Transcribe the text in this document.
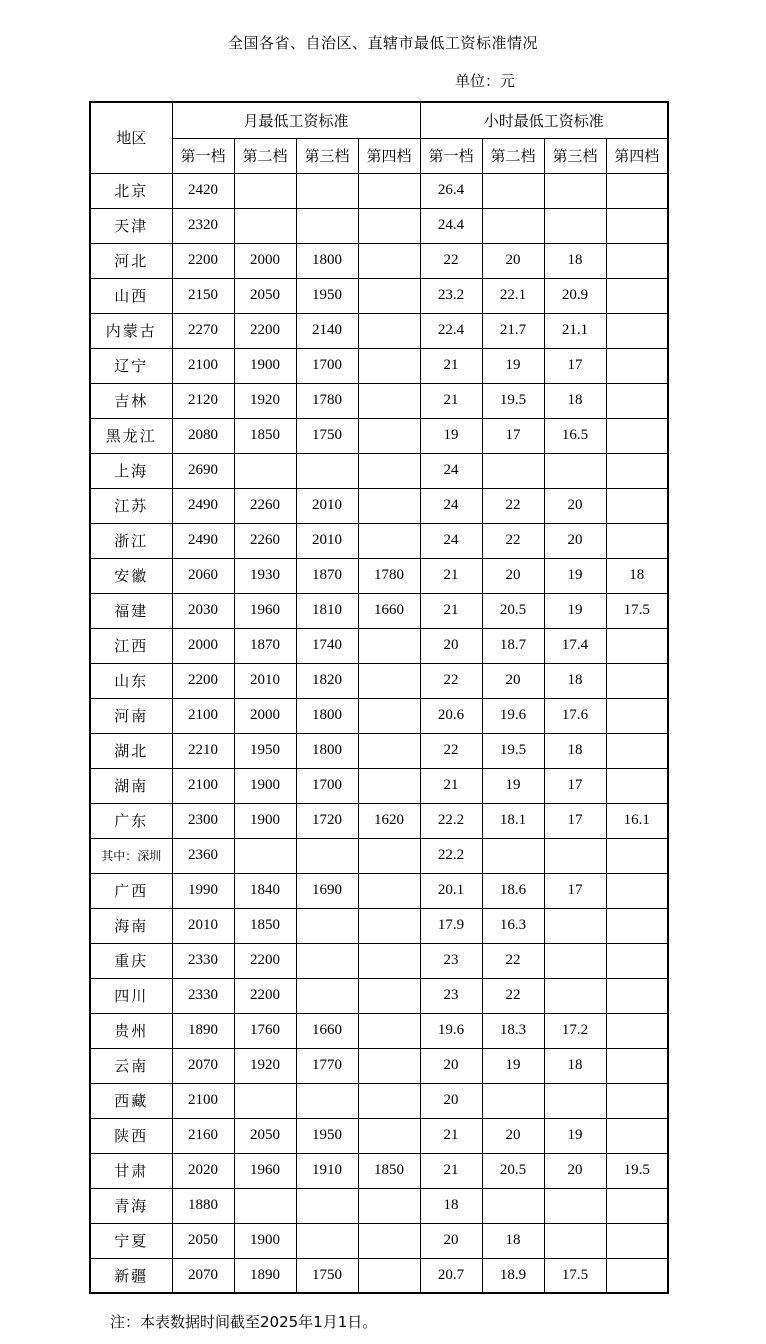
全国各省、自治区、直辖市最低工资标准情况
单位：元
地区	月最低工资标准				小时最低工资标准			
	第一档	第二档	第三档	第四档	第一档	第二档	第三档	第四档
北京	2420				26.4			
天津	2320				24.4			
河北	2200	2000	1800		22	20	18	
山西	2150	2050	1950		23.2	22.1	20.9	
内蒙古	2270	2200	2140		22.4	21.7	21.1	
辽宁	2100	1900	1700		21	19	17	
吉林	2120	1920	1780		21	19.5	18	
黑龙江	2080	1850	1750		19	17	16.5	
上海	2690				24			
江苏	2490	2260	2010		24	22	20	
浙江	2490	2260	2010		24	22	20	
安徽	2060	1930	1870	1780	21	20	19	18
福建	2030	1960	1810	1660	21	20.5	19	17.5
江西	2000	1870	1740		20	18.7	17.4	
山东	2200	2010	1820		22	20	18	
河南	2100	2000	1800		20.6	19.6	17.6	
湖北	2210	1950	1800		22	19.5	18	
湖南	2100	1900	1700		21	19	17	
广东	2300	1900	1720	1620	22.2	18.1	17	16.1
其中：深圳	2360				22.2			
广西	1990	1840	1690		20.1	18.6	17	
海南	2010	1850			17.9	16.3		
重庆	2330	2200			23	22		
四川	2330	2200			23	22		
贵州	1890	1760	1660		19.6	18.3	17.2	
云南	2070	1920	1770		20	19	18	
西藏	2100				20			
陕西	2160	2050	1950		21	20	19	
甘肃	2020	1960	1910	1850	21	20.5	20	19.5
青海	1880				18			
宁夏	2050	1900			20	18		
新疆	2070	1890	1750		20.7	18.9	17.5	
注：本表数据时间截至2025年1月1日。
